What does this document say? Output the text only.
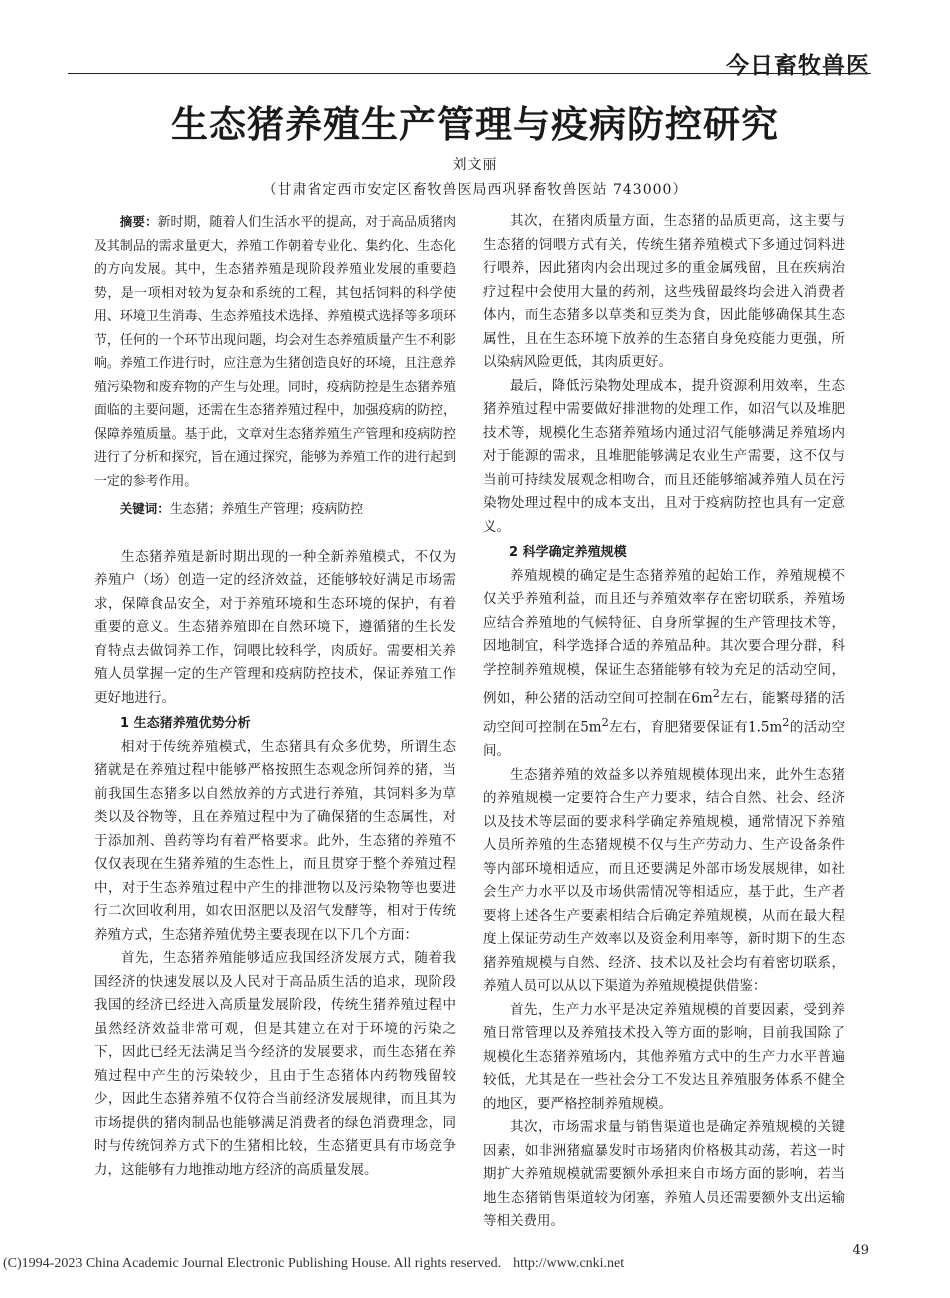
今日畜牧兽医
生态猪养殖生产管理与疫病防控研究
刘文丽
（甘肃省定西市安定区畜牧兽医局西巩驿畜牧兽医站 743000）

摘要：新时期，随着人们生活水平的提高，对于高品质猪肉及其制品的需求量更大，养殖工作朝着专业化、集约化、生态化的方向发展。其中，生态猪养殖是现阶段养殖业发展的重要趋势，是一项相对较为复杂和系统的工程，其包括饲料的科学使用、环境卫生消毒、生态养殖技术选择、养殖模式选择等多项环节，任何的一个环节出现问题，均会对生态养殖质量产生不利影响。养殖工作进行时，应注意为生猪创造良好的环境，且注意养殖污染物和废弃物的产生与处理。同时，疫病防控是生态猪养殖面临的主要问题，还需在生态猪养殖过程中，加强疫病的防控，保障养殖质量。基于此，文章对生态猪养殖生产管理和疫病防控进行了分析和探究，旨在通过探究，能够为养殖工作的进行起到一定的参考作用。

关键词：生态猪；养殖生产管理；疫病防控

生态猪养殖是新时期出现的一种全新养殖模式，不仅为养殖户（场）创造一定的经济效益，还能够较好满足市场需求，保障食品安全，对于养殖环境和生态环境的保护，有着重要的意义。生态猪养殖即在自然环境下，遵循猪的生长发育特点去做饲养工作，饲喂比较科学，肉质好。需要相关养殖人员掌握一定的生产管理和疫病防控技术，保证养殖工作更好地进行。

1 生态猪养殖优势分析

相对于传统养殖模式，生态猪具有众多优势，所谓生态猪就是在养殖过程中能够严格按照生态观念所饲养的猪，当前我国生态猪多以自然放养的方式进行养殖，其饲料多为草类以及谷物等，且在养殖过程中为了确保猪的生态属性，对于添加剂、兽药等均有着严格要求。此外，生态猪的养殖不仅仅表现在生猪养殖的生态性上，而且贯穿于整个养殖过程中，对于生态养殖过程中产生的排泄物以及污染物等也要进行二次回收利用，如农田沤肥以及沼气发酵等，相对于传统养殖方式，生态猪养殖优势主要表现在以下几个方面：

首先，生态猪养殖能够适应我国经济发展方式，随着我国经济的快速发展以及人民对于高品质生活的追求，现阶段我国的经济已经进入高质量发展阶段，传统生猪养殖过程中虽然经济效益非常可观，但是其建立在对于环境的污染之下，因此已经无法满足当今经济的发展要求，而生态猪在养殖过程中产生的污染较少，且由于生态猪体内药物残留较少，因此生态猪养殖不仅符合当前经济发展规律，而且其为市场提供的猪肉制品也能够满足消费者的绿色消费理念，同时与传统饲养方式下的生猪相比较，生态猪更具有市场竞争力，这能够有力地推动地方经济的高质量发展。

其次，在猪肉质量方面，生态猪的品质更高，这主要与生态猪的饲喂方式有关，传统生猪养殖模式下多通过饲料进行喂养，因此猪肉内会出现过多的重金属残留，且在疾病治疗过程中会使用大量的药剂，这些残留最终均会进入消费者体内，而生态猪多以草类和豆类为食，因此能够确保其生态属性，且在生态环境下放养的生态猪自身免疫能力更强，所以染病风险更低，其肉质更好。

最后，降低污染物处理成本，提升资源利用效率，生态猪养殖过程中需要做好排泄物的处理工作，如沼气以及堆肥技术等，规模化生态猪养殖场内通过沼气能够满足养殖场内对于能源的需求，且堆肥能够满足农业生产需要，这不仅与当前可持续发展观念相吻合，而且还能够缩减养殖人员在污染物处理过程中的成本支出，且对于疫病防控也具有一定意义。

2 科学确定养殖规模

养殖规模的确定是生态猪养殖的起始工作，养殖规模不仅关乎养殖利益，而且还与养殖效率存在密切联系，养殖场应结合养殖地的气候特征、自身所掌握的生产管理技术等，因地制宜，科学选择合适的养殖品种。其次要合理分群，科学控制养殖规模，保证生态猪能够有较为充足的活动空间，例如，种公猪的活动空间可控制在$6m^2$左右，能繁母猪的活动空间可控制在$5m^2$左右，育肥猪要保证有$1.5m^2$的活动空间。

生态猪养殖的效益多以养殖规模体现出来，此外生态猪的养殖规模一定要符合生产力要求，结合自然、社会、经济以及技术等层面的要求科学确定养殖规模，通常情况下养殖人员所养殖的生态猪规模不仅与生产劳动力、生产设备条件等内部环境相适应，而且还要满足外部市场发展规律，如社会生产力水平以及市场供需情况等相适应，基于此，生产者要将上述各生产要素相结合后确定养殖规模，从而在最大程度上保证劳动生产效率以及资金利用率等，新时期下的生态猪养殖规模与自然、经济、技术以及社会均有着密切联系，养殖人员可以从以下渠道为养殖规模提供借鉴：

首先，生产力水平是决定养殖规模的首要因素，受到养殖日常管理以及养殖技术投入等方面的影响，目前我国除了规模化生态猪养殖场内，其他养殖方式中的生产力水平普遍较低，尤其是在一些社会分工不发达且养殖服务体系不健全的地区，要严格控制养殖规模。

其次，市场需求量与销售渠道也是确定养殖规模的关键因素，如非洲猪瘟暴发时市场猪肉价格极其动荡，若这一时期扩大养殖规模就需要额外承担来自市场方面的影响，若当地生态猪销售渠道较为闭塞，养殖人员还需要额外支出运输等相关费用。

49
(C)1994-2023 China Academic Journal Electronic Publishing House. All rights reserved. http://www.cnki.net
